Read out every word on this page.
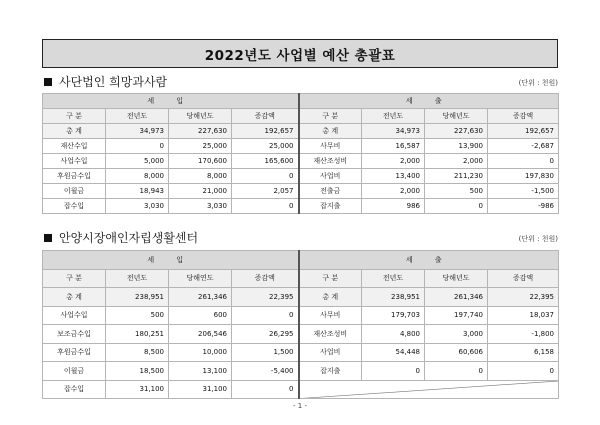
2022년도 사업별 예산 총괄표
사단법인 희망과사람	(단위 : 천원)
세 입				세 출			
구 분	전년도	당해년도	증감액	구 분	전년도	당해년도	증감액
총 계	34,973	227,630	192,657	총 계	34,973	227,630	192,657
재산수입	0	25,000	25,000	사무비	16,587	13,900	-2,687
사업수입	5,000	170,600	165,600	재산조성비	2,000	2,000	0
후원금수입	8,000	8,000	0	사업비	13,400	211,230	197,830
이월금	18,943	21,000	2,057	전출금	2,000	500	-1,500
잡수입	3,030	3,030	0	잡지출	986	0	-986
안양시장애인자립생활센터	(단위 : 천원)
세 입				세 출			
구 분	전년도	당해연도	증감액	구 분	전년도	당해년도	증감액
총 계	238,951	261,346	22,395	총 계	238,951	261,346	22,395
사업수입	500	600	0	사무비	179,703	197,740	18,037
보조금수입	180,251	206,546	26,295	재산조성비	4,800	3,000	-1,800
후원금수입	8,500	10,000	1,500	사업비	54,448	60,606	6,158
이월금	18,500	13,100	-5,400	잡지출	0	0	0
잡수입	31,100	31,100	0	
- 1 -
